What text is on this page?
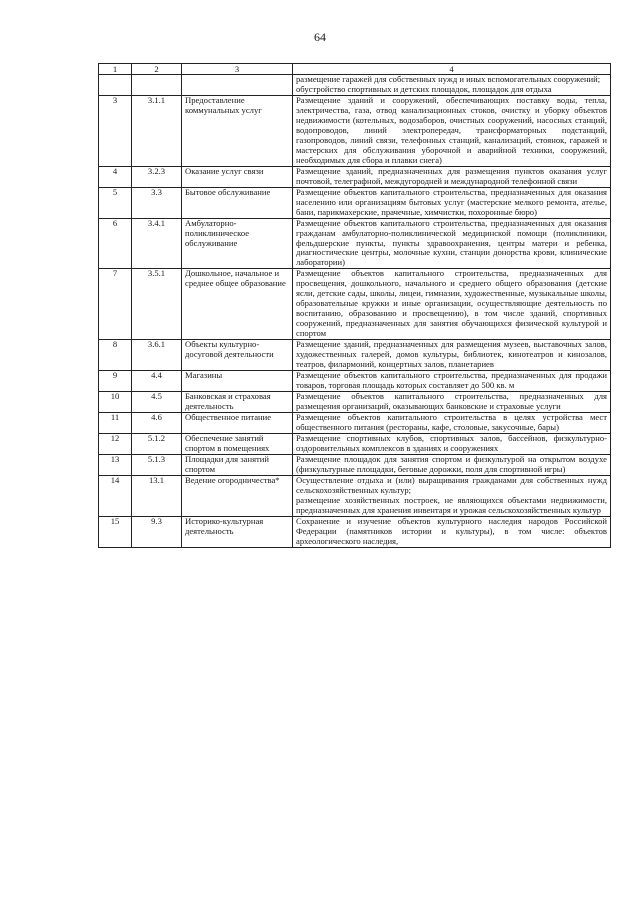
64
1	2	3	4

			размещение гаражей для собственных нужд и иных вспомогательных сооружений;
обустройство спортивных и детских площадок, площадок для отдыха

3	3.1.1	Предоставление коммунальных услуг	Размещение зданий и сооружений, обеспечивающих поставку воды, тепла, электричества, газа, отвод канализационных стоков, очистку и уборку объектов недвижимости (котельных, водозаборов, очистных сооружений, насосных станций, водопроводов, линий электропередач, трансформаторных подстанций, газопроводов, линий связи, телефонных станций, канализаций, стоянок, гаражей и мастерских для обслуживания уборочной и аварийной техники, сооружений, необходимых для сбора и плавки снега)

4	3.2.3	Оказание услуг связи	Размещение зданий, предназначенных для размещения пунктов оказания услуг почтовой, телеграфной, междугородней и международной телефонной связи

5	3.3	Бытовое обслуживание	Размещение объектов капитального строительства, предназначенных для оказания населению или организациям бытовых услуг (мастерские мелкого ремонта, ателье, бани, парикмахерские, прачечные, химчистки, похоронные бюро)

6	3.4.1	Амбулаторно-поликлиническое обслуживание	Размещение объектов капитального строительства, предназначенных для оказания гражданам амбулаторно-поликлинической медицинской помощи (поликлиники, фельдшерские пункты, пункты здравоохранения, центры матери и ребенка, диагностические центры, молочные кухни, станции донорства крови, клинические лаборатории)

7	3.5.1	Дошкольное, начальное и среднее общее образование	Размещение объектов капитального строительства, предназначенных для просвещения, дошкольного, начального и среднего общего образования (детские ясли, детские сады, школы, лицеи, гимназии, художественные, музыкальные школы, образовательные кружки и иные организации, осуществляющие деятельность по воспитанию, образованию и просвещению), в том числе зданий, спортивных сооружений, предназначенных для занятия обучающихся физической культурой и спортом

8	3.6.1	Объекты культурно-досуговой деятельности	Размещение зданий, предназначенных для размещения музеев, выставочных залов, художественных галерей, домов культуры, библиотек, кинотеатров и кинозалов, театров, филармоний, концертных залов, планетариев

9	4.4	Магазины	Размещение объектов капитального строительства, предназначенных для продажи товаров, торговая площадь которых составляет до 500 кв. м

10	4.5	Банковская и страховая деятельность	Размещение объектов капитального строительства, предназначенных для размещения организаций, оказывающих банковские и страховые услуги

11	4.6	Общественное питание	Размещение объектов капитального строительства в целях устройства мест общественного питания (рестораны, кафе, столовые, закусочные, бары)

12	5.1.2	Обеспечение занятий спортом в помещениях	Размещение спортивных клубов, спортивных залов, бассейнов, физкультурно-оздоровительных комплексов в зданиях и сооружениях

13	5.1.3	Площадки для занятий спортом	Размещение площадок для занятия спортом и физкультурой на открытом воздухе (физкультурные площадки, беговые дорожки, поля для спортивной игры)

14	13.1	Ведение огородничества*	Осуществление отдыха и (или) выращивания гражданами для собственных нужд сельскохозяйственных культур;
размещение хозяйственных построек, не являющихся объектами недвижимости, предназначенных для хранения инвентаря и урожая сельскохозяйственных культур

15	9.3	Историко-культурная деятельность	Сохранение и изучение объектов культурного наследия народов Российской Федерации (памятников истории и культуры), в том числе: объектов археологического наследия,
